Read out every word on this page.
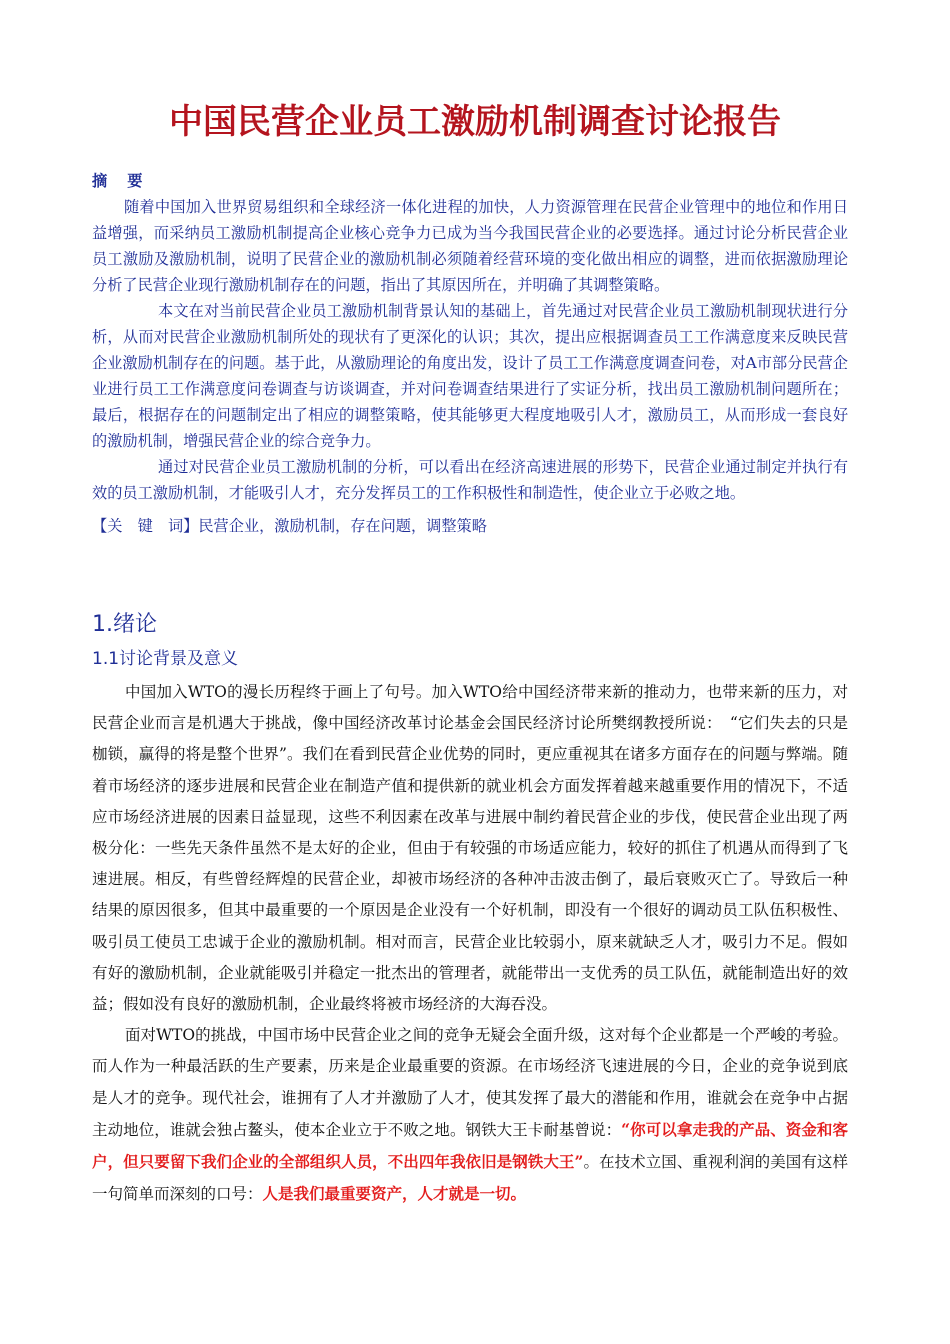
中国民营企业员工激励机制调查讨论报告

摘要

随着中国加入世界贸易组织和全球经济一体化进程的加快，人力资源管理在民营企业管理中的地位和作用日益增强，而采纳员工激励机制提高企业核心竞争力已成为当今我国民营企业的必要选择。通过讨论分析民营企业员工激励及激励机制，说明了民营企业的激励机制必须随着经营环境的变化做出相应的调整，进而依据激励理论分析了民营企业现行激励机制存在的问题，指出了其原因所在，并明确了其调整策略。

本文在对当前民营企业员工激励机制背景认知的基础上，首先通过对民营企业员工激励机制现状进行分析，从而对民营企业激励机制所处的现状有了更深化的认识；其次，提出应根据调查员工工作满意度来反映民营企业激励机制存在的问题。基于此，从激励理论的角度出发，设计了员工工作满意度调查问卷，对A市部分民营企业进行员工工作满意度问卷调查与访谈调查，并对问卷调查结果进行了实证分析，找出员工激励机制问题所在；最后，根据存在的问题制定出了相应的调整策略，使其能够更大程度地吸引人才，激励员工，从而形成一套良好的激励机制，增强民营企业的综合竞争力。

通过对民营企业员工激励机制的分析，可以看出在经济高速进展的形势下，民营企业通过制定并执行有效的员工激励机制，才能吸引人才，充分发挥员工的工作积极性和制造性，使企业立于必败之地。

【关　键　词】民营企业，激励机制，存在问题，调整策略

1.绪论
1.1讨论背景及意义

中国加入WTO的漫长历程终于画上了句号。加入WTO给中国经济带来新的推动力，也带来新的压力，对民营企业而言是机遇大于挑战，像中国经济改革讨论基金会国民经济讨论所樊纲教授所说：　“它们失去的只是枷锁，赢得的将是整个世界”。我们在看到民营企业优势的同时，更应重视其在诸多方面存在的问题与弊端。随着市场经济的逐步进展和民营企业在制造产值和提供新的就业机会方面发挥着越来越重要作用的情况下，不适应市场经济进展的因素日益显现，这些不利因素在改革与进展中制约着民营企业的步伐，使民营企业出现了两极分化：一些先天条件虽然不是太好的企业，但由于有较强的市场适应能力，较好的抓住了机遇从而得到了飞速进展。相反，有些曾经辉煌的民营企业，却被市场经济的各种冲击波击倒了，最后衰败灭亡了。导致后一种结果的原因很多，但其中最重要的一个原因是企业没有一个好机制，即没有一个很好的调动员工队伍积极性、吸引员工使员工忠诚于企业的激励机制。相对而言，民营企业比较弱小，原来就缺乏人才，吸引力不足。假如有好的激励机制，企业就能吸引并稳定一批杰出的管理者，就能带出一支优秀的员工队伍，就能制造出好的效益；假如没有良好的激励机制，企业最终将被市场经济的大海吞没。

面对WTO的挑战，中国市场中民营企业之间的竞争无疑会全面升级，这对每个企业都是一个严峻的考验。而人作为一种最活跃的生产要素，历来是企业最重要的资源。在市场经济飞速进展的今日，企业的竞争说到底是人才的竞争。现代社会，谁拥有了人才并激励了人才，使其发挥了最大的潜能和作用，谁就会在竞争中占据主动地位，谁就会独占鳌头，使本企业立于不败之地。钢铁大王卡耐基曾说：“你可以拿走我的产品、资金和客户，但只要留下我们企业的全部组织人员，不出四年我依旧是钢铁大王”。在技术立国、重视利润的美国有这样一句简单而深刻的口号：人是我们最重要资产，人才就是一切。
